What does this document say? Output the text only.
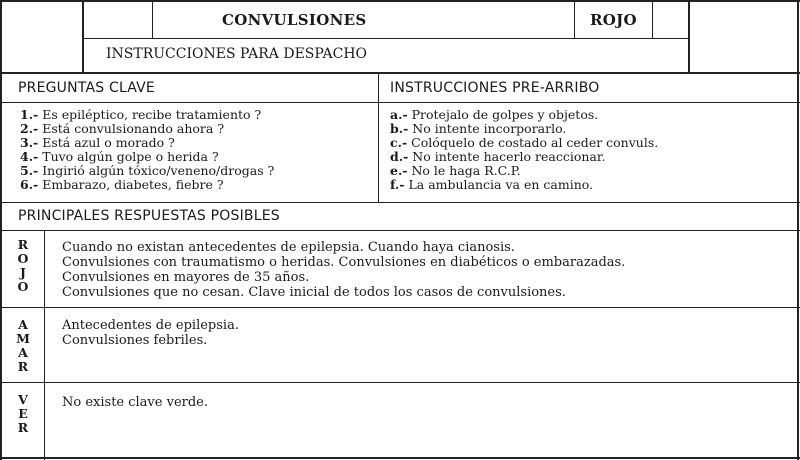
CONVULSIONES	ROJO
INSTRUCCIONES PARA DESPACHO
PREGUNTAS CLAVE	INSTRUCCIONES PRE-ARRIBO
1.- Es epiléptico, recibe tratamiento ?
2.- Está convulsionando ahora ?
3.- Está azul o morado ?
4.- Tuvo algún golpe o herida ?
5.- Ingirió algún tóxico/veneno/drogas ?
6.- Embarazo, diabetes, fiebre ?
a.- Protejalo de golpes y objetos.
b.- No intente incorporarlo.
c.- Colóquelo de costado al ceder convuls.
d.- No intente hacerlo reaccionar.
e.- No le haga R.C.P.
f.- La ambulancia va en camino.
PRINCIPALES RESPUESTAS POSIBLES
R
O
J
O
Cuando no existan antecedentes de epilepsia. Cuando haya cianosis.
Convulsiones con traumatismo o heridas. Convulsiones en diabéticos o embarazadas.
Convulsiones en mayores de 35 años.
Convulsiones que no cesan. Clave inicial de todos los casos de convulsiones.
A
M
A
R
Antecedentes de epilepsia.
Convulsiones febriles.
V
E
R
No existe clave verde.
